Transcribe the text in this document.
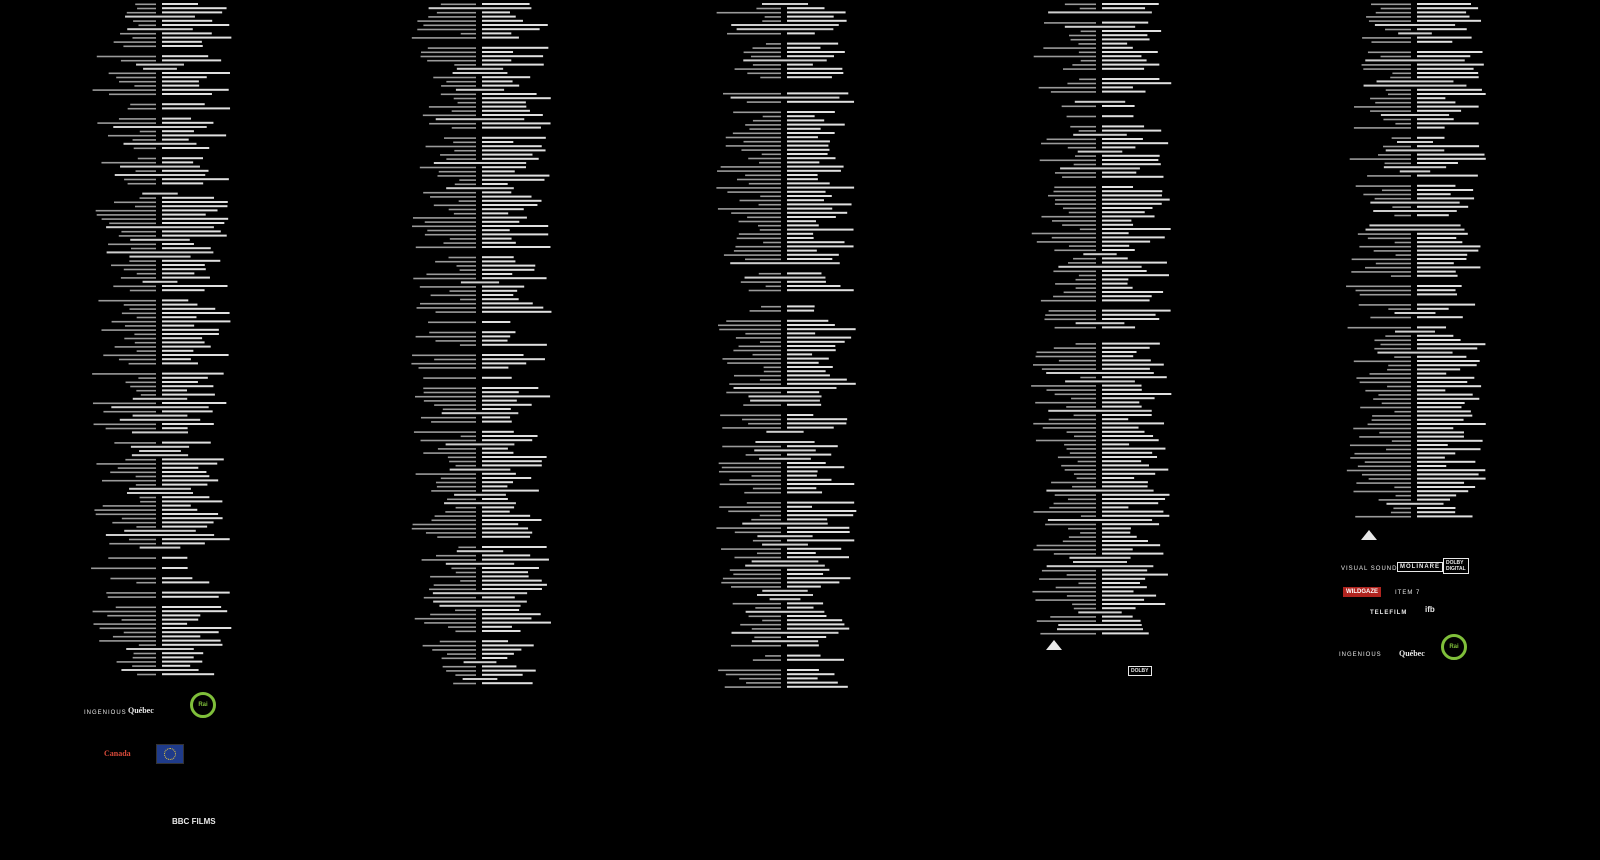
INGENIOUS Québec
Rai
Canada
BBC FILMS
DOLBY
VISUAL SOUND MOLINARE
DOLBY
DIGITAL
WILDGAZE	ITEM 7
TELEFILM ifb
INGENIOUS Québec
Rai
